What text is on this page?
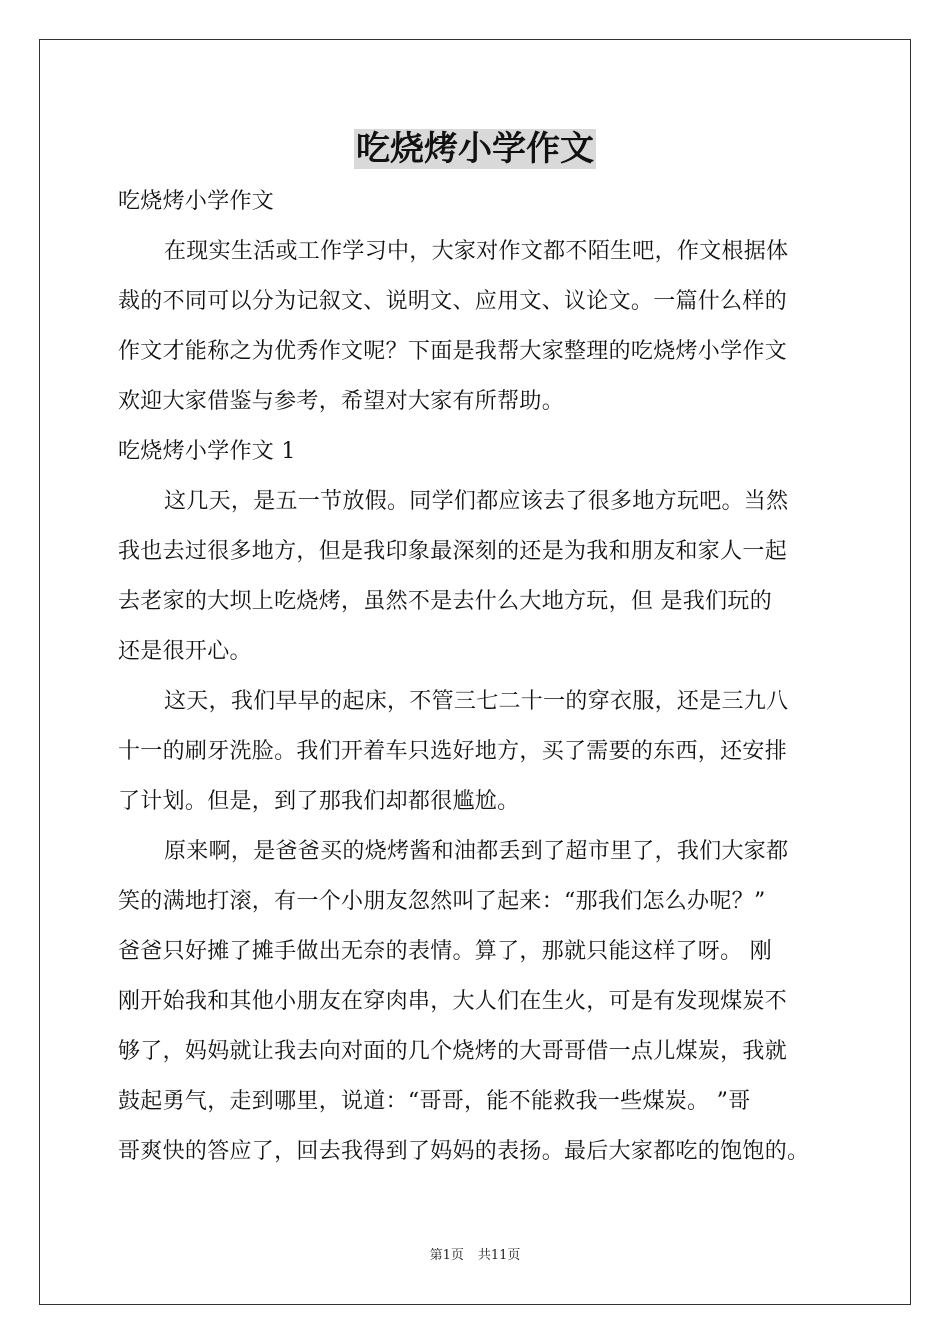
吃烧烤小学作文

吃烧烤小学作文

在现实生活或工作学习中，大家对作文都不陌生吧，作文根据体

裁的不同可以分为记叙文、说明文、应用文、议论文。一篇什么样的

作文才能称之为优秀作文呢？下面是我帮大家整理的吃烧烤小学作文

欢迎大家借鉴与参考，希望对大家有所帮助。

吃烧烤小学作文 1

这几天，是五一节放假。同学们都应该去了很多地方玩吧。当然

我也去过很多地方，但是我印象最深刻的还是为我和朋友和家人一起

去老家的大坝上吃烧烤，虽然不是去什么大地方玩，但 是我们玩的

还是很开心。

这天，我们早早的起床，不管三七二十一的穿衣服，还是三九八

十一的刷牙洗脸。我们开着车只选好地方，买了需要的东西，还安排

了计划。但是，到了那我们却都很尴尬。

原来啊，是爸爸买的烧烤酱和油都丢到了超市里了，我们大家都

笑的满地打滚，有一个小朋友忽然叫了起来：“那我们怎么办呢？”

爸爸只好摊了摊手做出无奈的表情。算了，那就只能这样了呀。 刚

刚开始我和其他小朋友在穿肉串，大人们在生火，可是有发现煤炭不

够了，妈妈就让我去向对面的几个烧烤的大哥哥借一点儿煤炭，我就

鼓起勇气，走到哪里，说道：“哥哥，能不能救我一些煤炭。 ”哥

哥爽快的答应了，回去我得到了妈妈的表扬。最后大家都吃的饱饱的。

第1页 共11页
